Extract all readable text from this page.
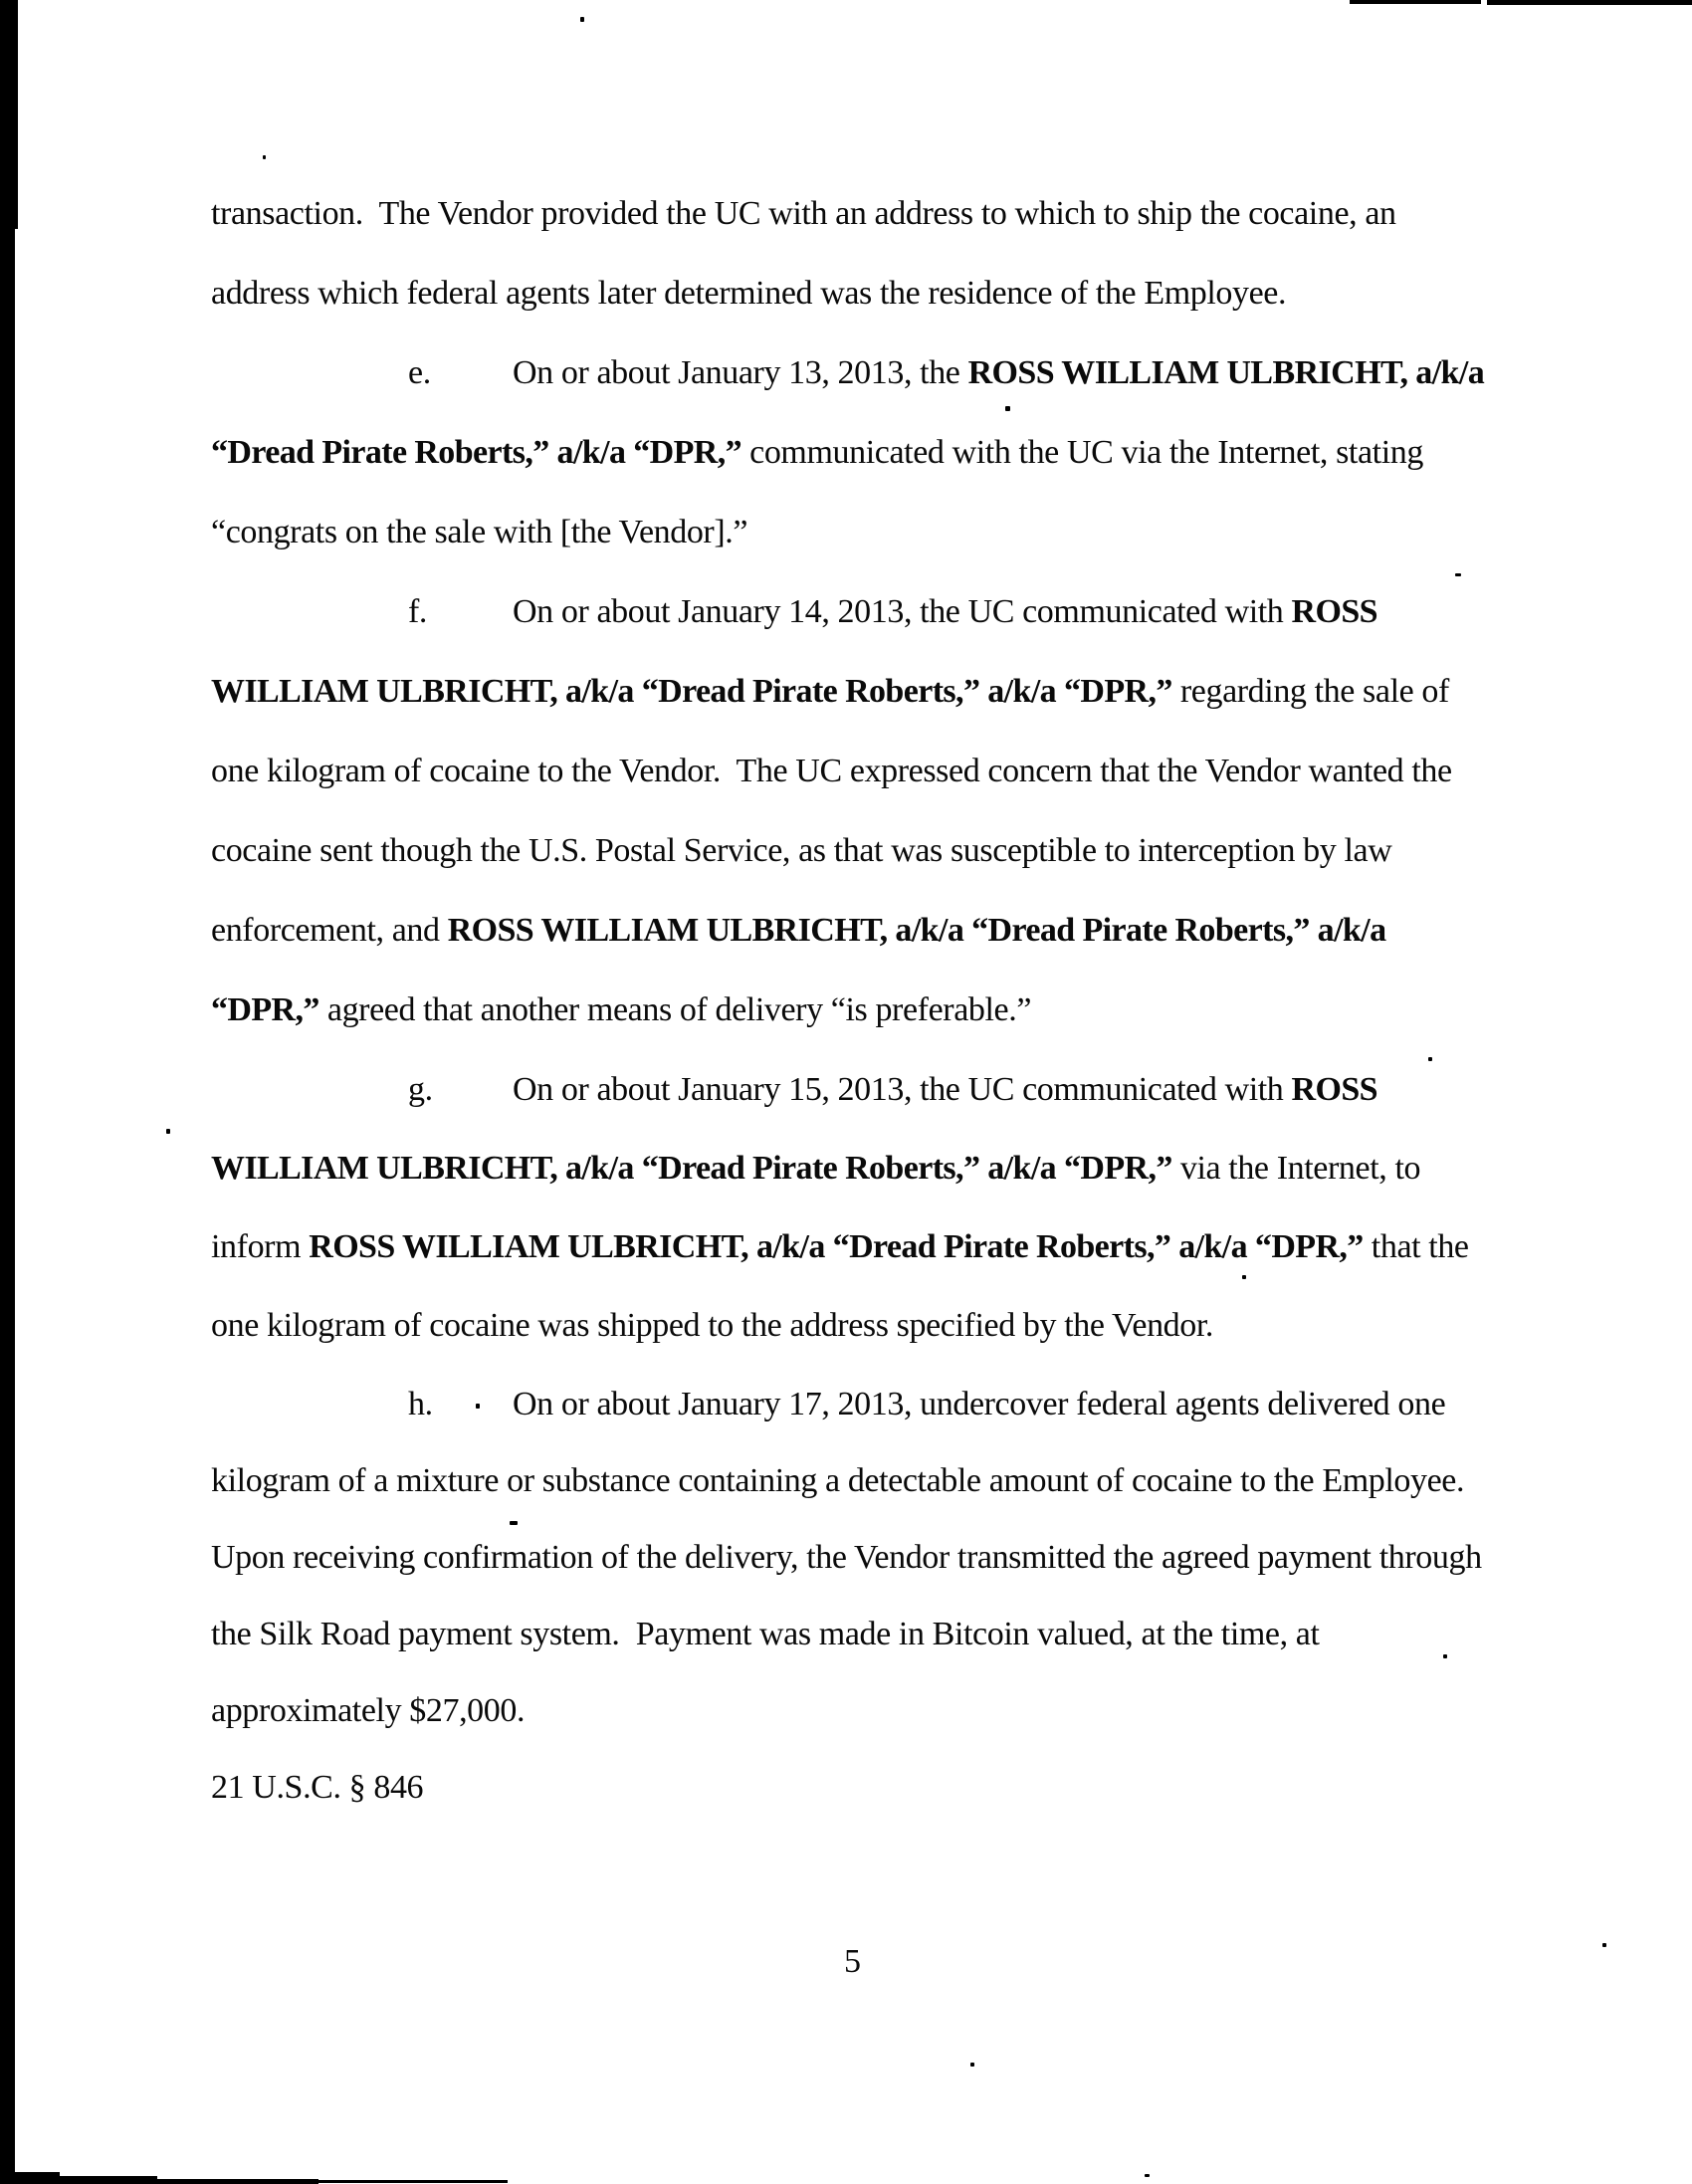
transaction.  The Vendor provided the UC with an address to which to ship the cocaine, an
address which federal agents later determined was the residence of the Employee.
e. On or about January 13, 2013, the ROSS WILLIAM ULBRICHT, a/k/a
“Dread Pirate Roberts,” a/k/a “DPR,” communicated with the UC via the Internet, stating
“congrats on the sale with [the Vendor].”
f.	On or about January 14, 2013, the UC communicated with ROSS
WILLIAM ULBRICHT, a/k/a “Dread Pirate Roberts,” a/k/a “DPR,” regarding the sale of
one kilogram of cocaine to the Vendor.  The UC expressed concern that the Vendor wanted the
cocaine sent though the U.S. Postal Service, as that was susceptible to interception by law
enforcement, and ROSS WILLIAM ULBRICHT, a/k/a “Dread Pirate Roberts,” a/k/a
“DPR,” agreed that another means of delivery “is preferable.”
g. On or about January 15, 2013, the UC communicated with ROSS
WILLIAM ULBRICHT, a/k/a “Dread Pirate Roberts,” a/k/a “DPR,” via the Internet, to
inform ROSS WILLIAM ULBRICHT, a/k/a “Dread Pirate Roberts,” a/k/a “DPR,” that the
one kilogram of cocaine was shipped to the address specified by the Vendor.
h. On or about January 17, 2013, undercover federal agents delivered one
kilogram of a mixture or substance containing a detectable amount of cocaine to the Employee.
Upon receiving confirmation of the delivery, the Vendor transmitted the agreed payment through
the Silk Road payment system.  Payment was made in Bitcoin valued, at the time, at
approximately $27,000.
21 U.S.C. § 846
5
